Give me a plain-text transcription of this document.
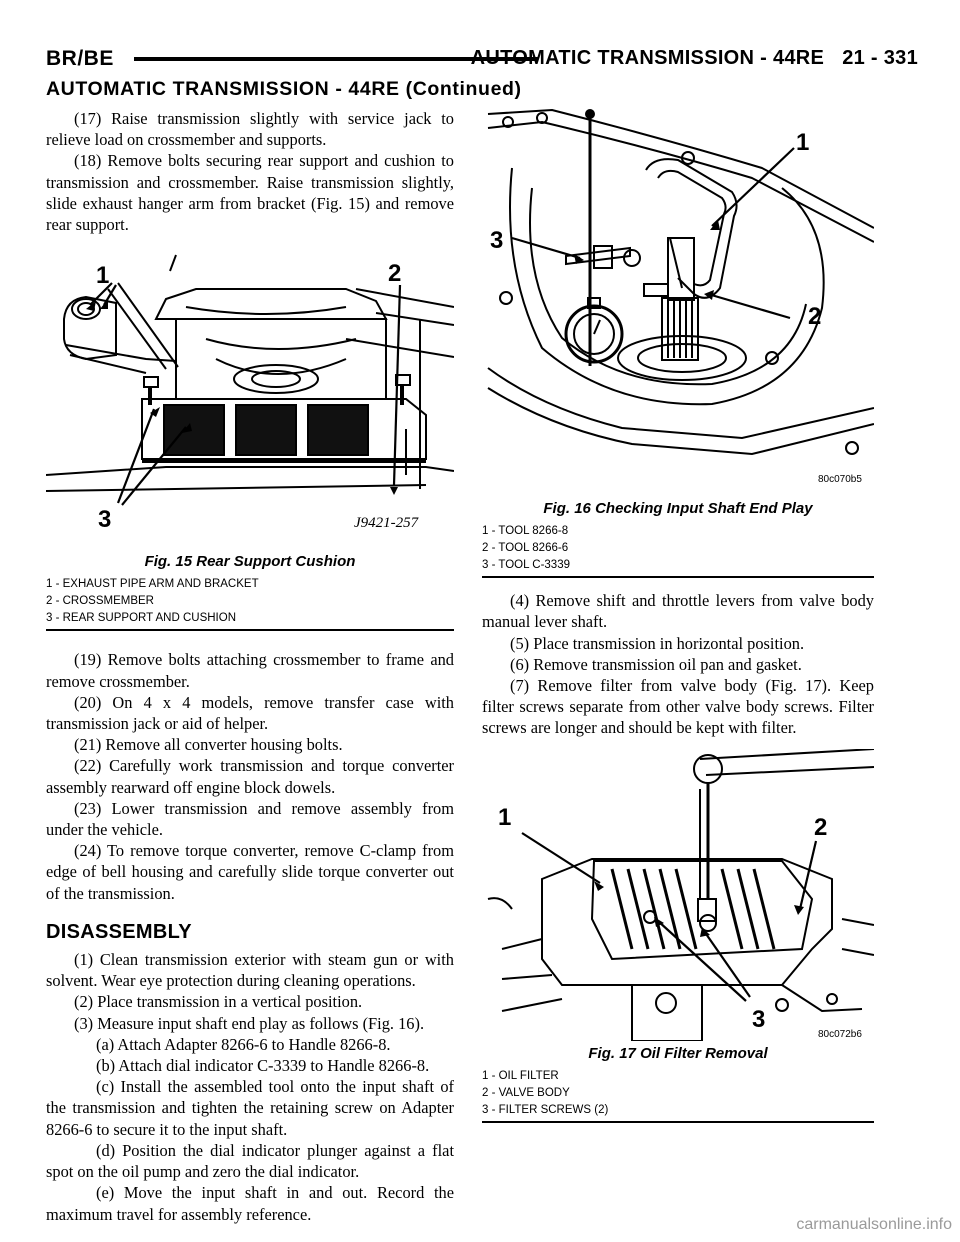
BR/BE	AUTOMATIC TRANSMISSION - 44RE 21 - 331
AUTOMATIC TRANSMISSION - 44RE (Continued)

(17) Raise transmission slightly with service jack to relieve load on crossmember and supports.

(18) Remove bolts securing rear support and cushion to transmission and crossmember. Raise transmission slightly, slide exhaust hanger arm from bracket (Fig. 15) and remove rear support.

1	2
3	J9421-257
Fig. 15 Rear Support Cushion
1 - EXHAUST PIPE ARM AND BRACKET
2 - CROSSMEMBER
3 - REAR SUPPORT AND CUSHION

(19) Remove bolts attaching crossmember to frame and remove crossmember.

(20) On 4 x 4 models, remove transfer case with transmission jack or aid of helper.

(21) Remove all converter housing bolts.

(22) Carefully work transmission and torque converter assembly rearward off engine block dowels.

(23) Lower transmission and remove assembly from under the vehicle.

(24) To remove torque converter, remove C-clamp from edge of bell housing and carefully slide torque converter out of the transmission.

DISASSEMBLY

(1) Clean transmission exterior with steam gun or with solvent. Wear eye protection during cleaning operations.

(2) Place transmission in a vertical position.

(3) Measure input shaft end play as follows (Fig. 16).

(a) Attach Adapter 8266-6 to Handle 8266-8.

(b) Attach dial indicator C-3339 to Handle 8266-8.

(c) Install the assembled tool onto the input shaft of the transmission and tighten the retaining screw on Adapter 8266-6 to secure it to the input shaft.

(d) Position the dial indicator plunger against a flat spot on the oil pump and zero the dial indicator.

(e) Move the input shaft in and out. Record the maximum travel for assembly reference.

1
2
3
80c070b5
Fig. 16 Checking Input Shaft End Play
1 - TOOL 8266-8
2 - TOOL 8266-6
3 - TOOL C-3339

(4) Remove shift and throttle levers from valve body manual lever shaft.

(5) Place transmission in horizontal position.

(6) Remove transmission oil pan and gasket.

(7) Remove filter from valve body (Fig. 17). Keep filter screws separate from other valve body screws. Filter screws are longer and should be kept with filter.

1	2
3
80c072b6
Fig. 17 Oil Filter Removal
1 - OIL FILTER
2 - VALVE BODY
3 - FILTER SCREWS (2)
carmanualsonline.info
